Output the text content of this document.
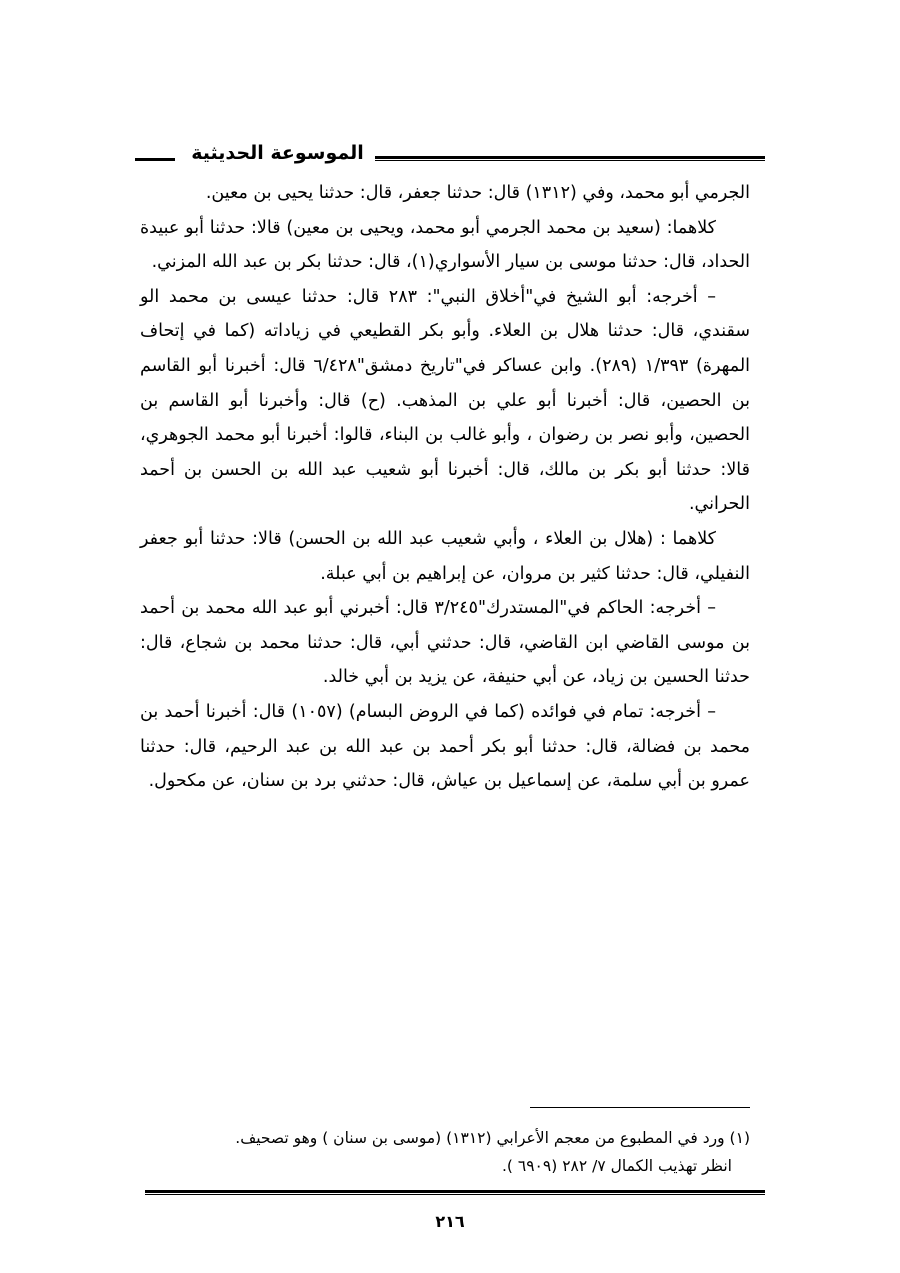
الموسوعة الحديثية

الجرمي أبو محمد، وفي (١٣١٢) قال: حدثنا جعفر، قال: حدثنا يحيى بن معين.

كلاهما: (سعيد بن محمد الجرمي أبو محمد، ويحيى بن معين) قالا: حدثنا أبو عبيدة الحداد، قال: حدثنا موسى بن سيار الأسواري(١)، قال: حدثنا بكر بن عبد الله المزني.

– أخرجه: أبو الشيخ في"أخلاق النبي": ٢٨٣ قال: حدثنا عيسى بن محمد الو سقندي، قال: حدثنا هلال بن العلاء. وأبو بكر القطيعي في زياداته (كما في إتحاف المهرة) ١/٣٩٣ (٢٨٩). وابن عساكر في"تاريخ دمشق"٦/٤٢٨ قال: أخبرنا أبو القاسم بن الحصين، قال: أخبرنا أبو علي بن المذهب. (ح) قال: وأخبرنا أبو القاسم بن الحصين، وأبو نصر بن رضوان ، وأبو غالب بن البناء، قالوا: أخبرنا أبو محمد الجوهري، قالا: حدثنا أبو بكر بن مالك، قال: أخبرنا أبو شعيب عبد الله بن الحسن بن أحمد الحراني.

كلاهما : (هلال بن العلاء ، وأبي شعيب عبد الله بن الحسن) قالا: حدثنا أبو جعفر النفيلي، قال: حدثنا كثير بن مروان، عن إبراهيم بن أبي عبلة.

– أخرجه: الحاكم في"المستدرك"٣/٢٤٥ قال: أخبرني أبو عبد الله محمد بن أحمد بن موسى القاضي ابن القاضي، قال: حدثني أبي، قال: حدثنا محمد بن شجاع، قال: حدثنا الحسين بن زياد، عن أبي حنيفة، عن يزيد بن أبي خالد.

– أخرجه: تمام في فوائده (كما في الروض البسام) (١٠٥٧) قال: أخبرنا أحمد بن محمد بن فضالة، قال: حدثنا أبو بكر أحمد بن عبد الله بن عبد الرحيم، قال: حدثنا عمرو بن أبي سلمة، عن إسماعيل بن عياش، قال: حدثني برد بن سنان، عن مكحول.

(١) ورد في المطبوع من معجم الأعرابي (١٣١٢) (موسى بن سنان ) وهو تصحيف.

انظر تهذيب الكمال ٧/ ٢٨٢ (٦٩٠٩ ).

٢١٦
